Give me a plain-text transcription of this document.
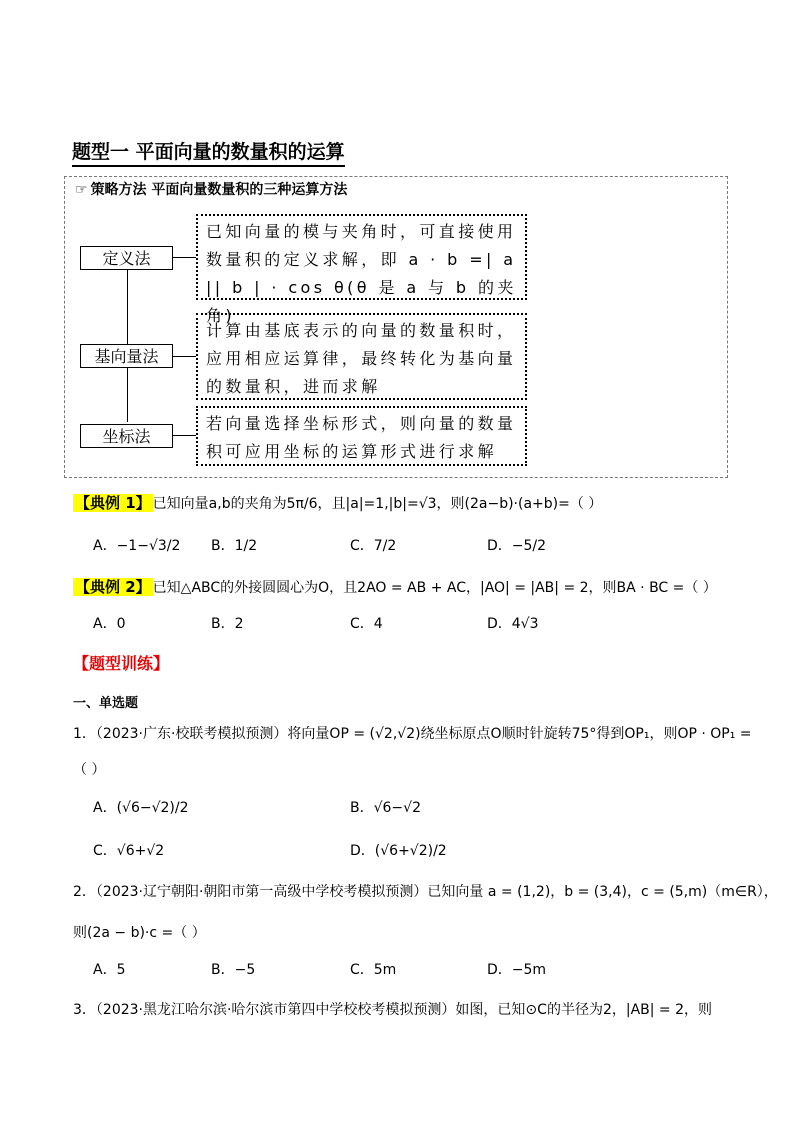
题型一 平面向量的数量积的运算
☞ 策略方法 平面向量数量积的三种运算方法
定义法
已知向量的模与夹角时，可直接使用数量积的定义求解，即 a · b =| a || b | · cos θ(θ 是 a 与 b 的夹角)
基向量法
计算由基底表示的向量的数量积时，应用相应运算律，最终转化为基向量的数量积，进而求解
坐标法
若向量选择坐标形式，则向量的数量积可应用坐标的运算形式进行求解
【典例 1】 已知向量a,b的夹角为5π/6，且|a|=1,|b|=√3，则(2a−b)·(a+b)=（ ）
A．−1−√3/2 B．1/2	C．7/2	D．−5/2
【典例 2】 已知△ABC的外接圆圆心为O，且2AO = AB + AC，|AO| = |AB| = 2，则BA · BC =（ ）
A．0	B．2	C．4	D．4√3
【题型训练】
一、单选题
1．（2023·广东·校联考模拟预测）将向量OP = (√2,√2)绕坐标原点O顺时针旋转75°得到OP₁，则OP · OP₁ =
（ ）
A．(√6−√2)/2	B．√6−√2
C．√6+√2	D．(√6+√2)/2
2．（2023·辽宁朝阳·朝阳市第一高级中学校考模拟预测）已知向量 a = (1,2)，b = (3,4)，c = (5,m)（m∈R），
则(2a − b)·c =（ ）
A．5	B．−5	C．5m	D．−5m
3．（2023·黑龙江哈尔滨·哈尔滨市第四中学校校考模拟预测）如图，已知⊙C的半径为2，|AB| = 2，则
